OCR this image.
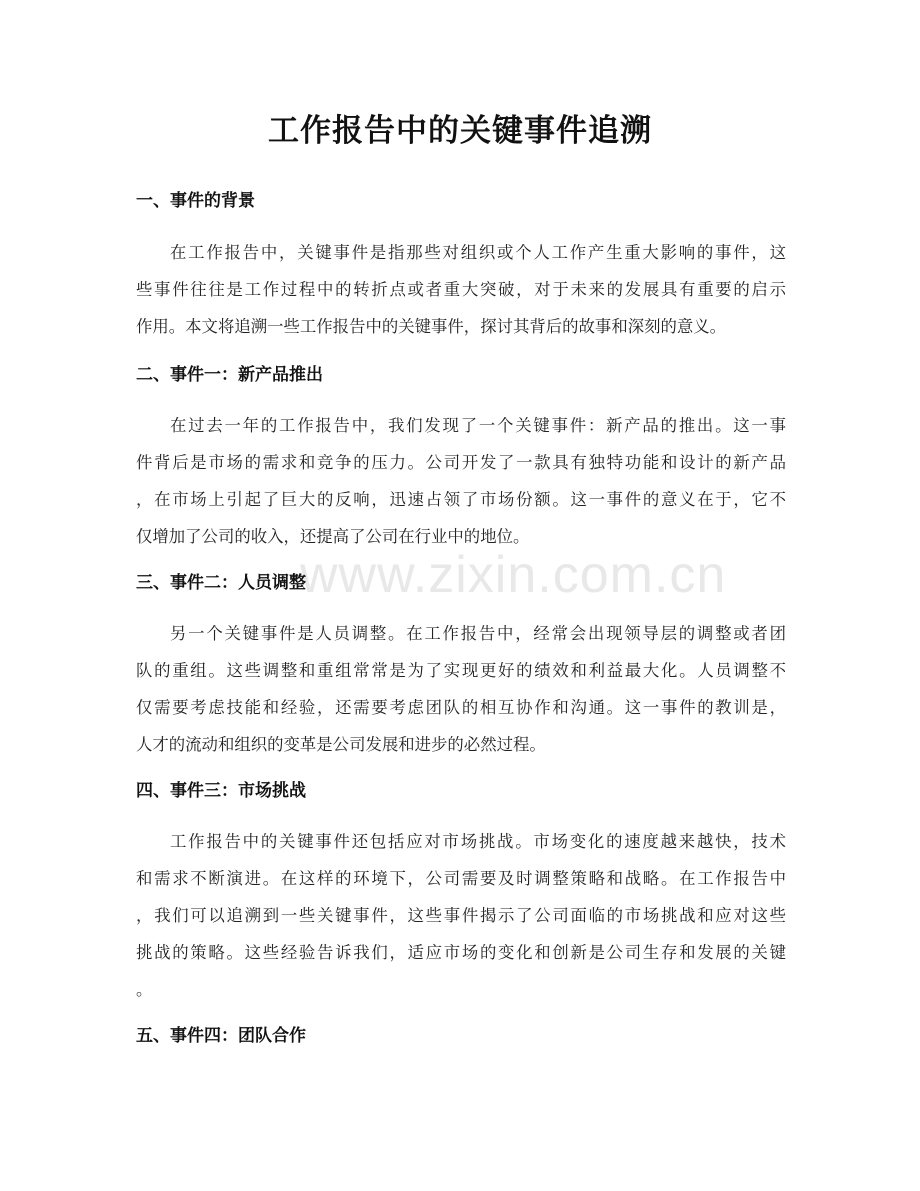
www.zixin.com.cn
工作报告中的关键事件追溯
一、事件的背景
在工作报告中，关键事件是指那些对组织或个人工作产生重大影响的事件，这
些事件往往是工作过程中的转折点或者重大突破，对于未来的发展具有重要的启示
作用。本文将追溯一些工作报告中的关键事件，探讨其背后的故事和深刻的意义。
二、事件一：新产品推出
在过去一年的工作报告中，我们发现了一个关键事件：新产品的推出。这一事
件背后是市场的需求和竞争的压力。公司开发了一款具有独特功能和设计的新产品
，在市场上引起了巨大的反响，迅速占领了市场份额。这一事件的意义在于，它不
仅增加了公司的收入，还提高了公司在行业中的地位。
三、事件二：人员调整
另一个关键事件是人员调整。在工作报告中，经常会出现领导层的调整或者团
队的重组。这些调整和重组常常是为了实现更好的绩效和利益最大化。人员调整不
仅需要考虑技能和经验，还需要考虑团队的相互协作和沟通。这一事件的教训是，
人才的流动和组织的变革是公司发展和进步的必然过程。
四、事件三：市场挑战
工作报告中的关键事件还包括应对市场挑战。市场变化的速度越来越快，技术
和需求不断演进。在这样的环境下，公司需要及时调整策略和战略。在工作报告中
，我们可以追溯到一些关键事件，这些事件揭示了公司面临的市场挑战和应对这些
挑战的策略。这些经验告诉我们，适应市场的变化和创新是公司生存和发展的关键
。
五、事件四：团队合作
